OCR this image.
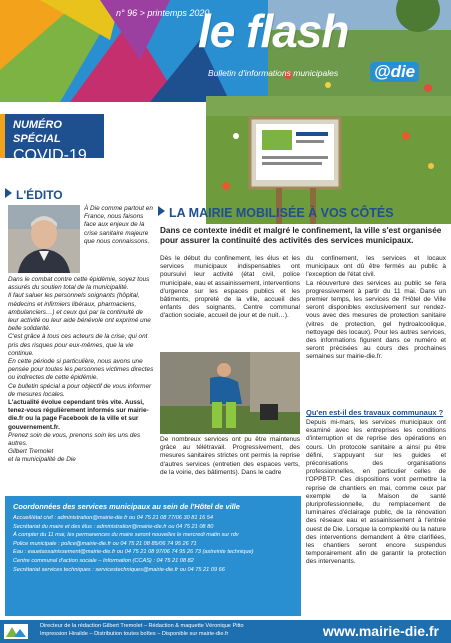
n° 96 > printemps 2020
le flash
Bulletin d'informations municipales @die
NUMÉRO SPÉCIAL
COVID-19
L'ÉDITO
À Die comme partout en France, nous faisons face aux enjeux de la crise sanitaire majeure que nous connaissons.

Dans le combat contre cette épidémie, soyez tous assurés du soutien total de la municipalité.

Il faut saluer les personnels soignants (hôpital, médecins et infirmiers libéraux, pharmaciens, ambulanciers…) et ceux qui par la continuité de leur activité ou leur aide bénévole ont exprimé une belle solidarité.

C'est grâce à tous ces acteurs de la crise, qui ont pris des risques pour eux-mêmes, que la vie continue.

En cette période si particulière, nous avons une pensée pour toutes les personnes victimes directes ou indirectes de cette épidémie.

Ce bulletin spécial a pour objectif de vous informer de mesures locales.

L'actualité évolue cependant très vite. Aussi, tenez-vous régulièrement informés sur mairie-die.fr ou la page Facebook de la ville et sur gouvernement.fr.

Prenez soin de vous, prenons soin les uns des autres.

Gilbert Tremolet

et la municipalité de Die

LA MAIRIE MOBILISÉE À VOS CÔTÉS
Dans ce contexte inédit et malgré le confinement, la ville s'est organisée pour assurer la continuité des activités des services municipaux.
Dès le début du confinement, les élus et les services municipaux indispensables ont poursuivi leur activité (état civil, police municipale, eau et assainissement, interventions d'urgence sur les espaces publics et les bâtiments, propreté de la ville, accueil des enfants des soignants, Centre communal d'action sociale, accueil de jour et de nuit…).
De nombreux services ont pu être maintenus grâce au télétravail. Progressivement, des mesures sanitaires strictes ont permis la reprise d'autres services (entretien des espaces verts, de la voirie, des bâtiments). Dans le cadre

du confinement, les services et locaux municipaux ont dû être fermés au public à l'exception de l'état civil.

La réouverture des services au public se fera progressivement à partir du 11 mai. Dans un premier temps, les services de l'Hôtel de Ville seront disponibles exclusivement sur rendez-vous avec des mesures de protection sanitaire (vitres de protection, gel hydroalcoolique, nettoyage des locaux). Pour les autres services, des informations figurent dans ce numéro et seront précisées au cours des prochaines semaines sur mairie-die.fr.

Qu'en est-il des travaux communaux ?
Depuis mi-mars, les services municipaux ont examiné avec les entreprises les conditions d'interruption et de reprise des opérations en cours. Un protocole sanitaire a ainsi pu être défini, s'appuyant sur les guides et préconisations des organisations professionnelles, en particulier celles de l'OPPBTP. Ces dispositions vont permettre la reprise de chantiers en mai, comme ceux par exemple de la Maison de santé pluriprofessionnelle, du remplacement de luminaires d'éclairage public, de la rénovation des réseaux eau et assainissement à l'entrée ouest de Die. Lorsque la complexité ou la nature des interventions demandent à être clarifiées, les chantiers seront encore suspendus temporairement afin de garantir la protection des intervenants.
Coordonnées des services municipaux au sein de l'Hôtel de ville
Accueil/état civil : administration@mairie-die.fr ou 04 75 21 08 77/06 30 81 16 54
Secrétariat du maire et des élus : administration@mairie-die.fr ou 04 75 21 08 80
À compter du 11 mai, les permanences du maire seront nouvelles le mercredi matin sur rdv
Police municipale : police@mairie-die.fr ou 04 75 21 08 85/06 74 95 26 71
Eau : eauetassainissement@mairie-die.fr ou 04 75 21 08 97/06 74 95 26 73 (astreinte technique)
Centre communal d'action sociale – Information (CCAS) : 04 75 21 08 82
Secrétariat services techniques : servicestechniques@mairie-die.fr ou 04 75 21 09 66
Directeur de la rédaction Gilbert Tremolet – Rédaction & maquette Véronique Pitto
Impression Hirailde – Distribution toutes boîtes – Disponible sur mairie-die.fr	www.mairie-die.fr
